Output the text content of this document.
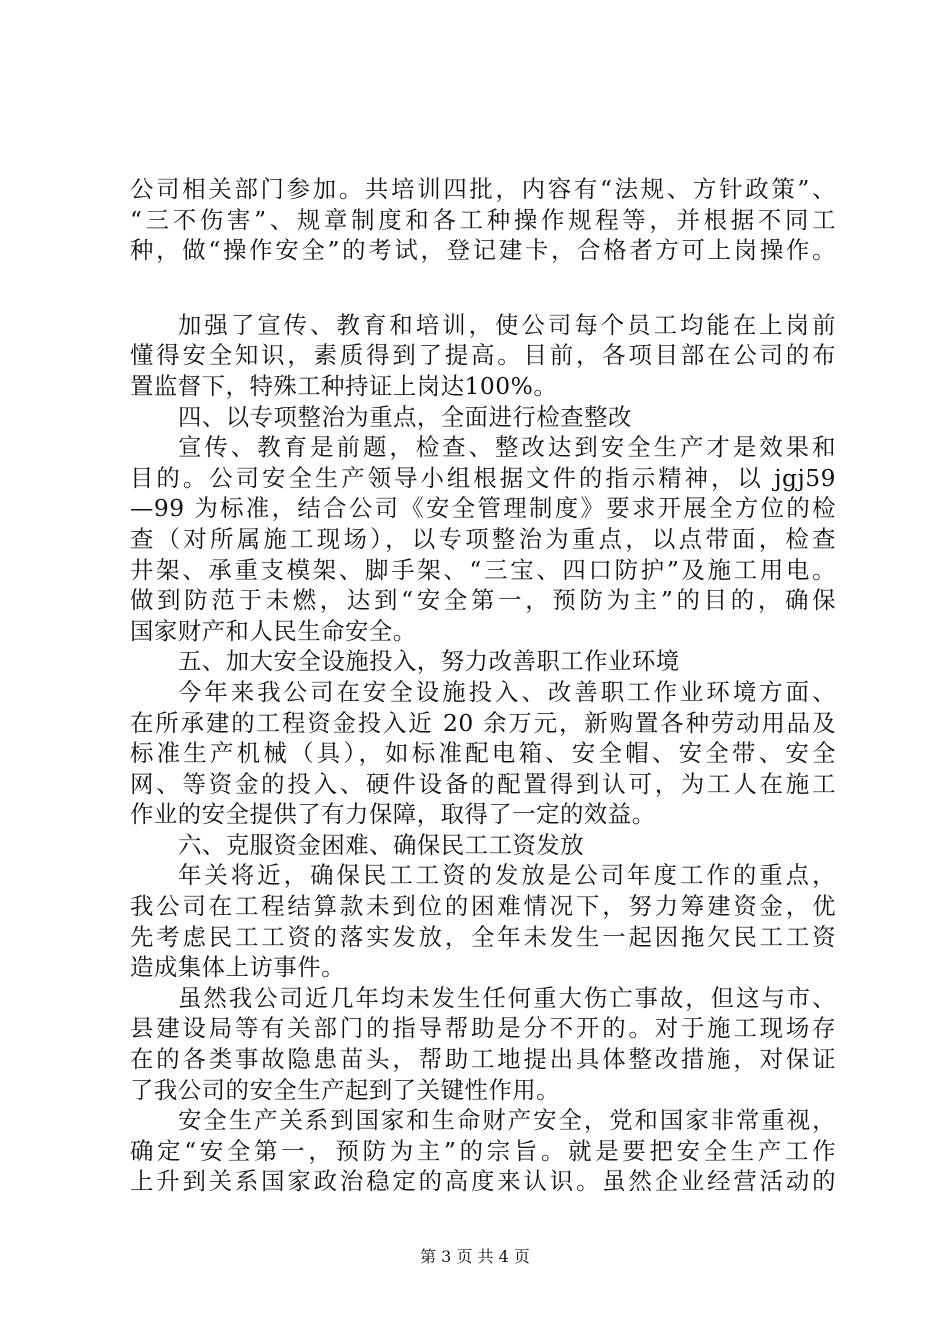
公司相关部门参加。共培训四批，内容有“法规、方针政策”、
“三不伤害”、规章制度和各工种操作规程等，并根据不同工
种，做“操作安全”的考试，登记建卡，合格者方可上岗操作。
加强了宣传、教育和培训，使公司每个员工均能在上岗前
懂得安全知识，素质得到了提高。目前，各项目部在公司的布
置监督下，特殊工种持证上岗达100%。
四、以专项整治为重点，全面进行检查整改
宣传、教育是前题，检查、整改达到安全生产才是效果和
目的。公司安全生产领导小组根据文件的指示精神，以 jgj59
—99 为标准，结合公司《安全管理制度》要求开展全方位的检
查（对所属施工现场），以专项整治为重点，以点带面，检查
井架、承重支模架、脚手架、“三宝、四口防护”及施工用电。
做到防范于未燃，达到“安全第一，预防为主”的目的，确保
国家财产和人民生命安全。
五、加大安全设施投入，努力改善职工作业环境
今年来我公司在安全设施投入、改善职工作业环境方面、
在所承建的工程资金投入近 20 余万元，新购置各种劳动用品及
标准生产机械（具），如标准配电箱、安全帽、安全带、安全
网、等资金的投入、硬件设备的配置得到认可，为工人在施工
作业的安全提供了有力保障，取得了一定的效益。
六、克服资金困难、确保民工工资发放
年关将近，确保民工工资的发放是公司年度工作的重点，
我公司在工程结算款未到位的困难情况下，努力筹建资金，优
先考虑民工工资的落实发放，全年未发生一起因拖欠民工工资
造成集体上访事件。
虽然我公司近几年均未发生任何重大伤亡事故，但这与市、
县建设局等有关部门的指导帮助是分不开的。对于施工现场存
在的各类事故隐患苗头，帮助工地提出具体整改措施，对保证
了我公司的安全生产起到了关键性作用。
安全生产关系到国家和生命财产安全，党和国家非常重视，
确定“安全第一，预防为主”的宗旨。就是要把安全生产工作
上升到关系国家政治稳定的高度来认识。虽然企业经营活动的
第 3 页 共 4 页
